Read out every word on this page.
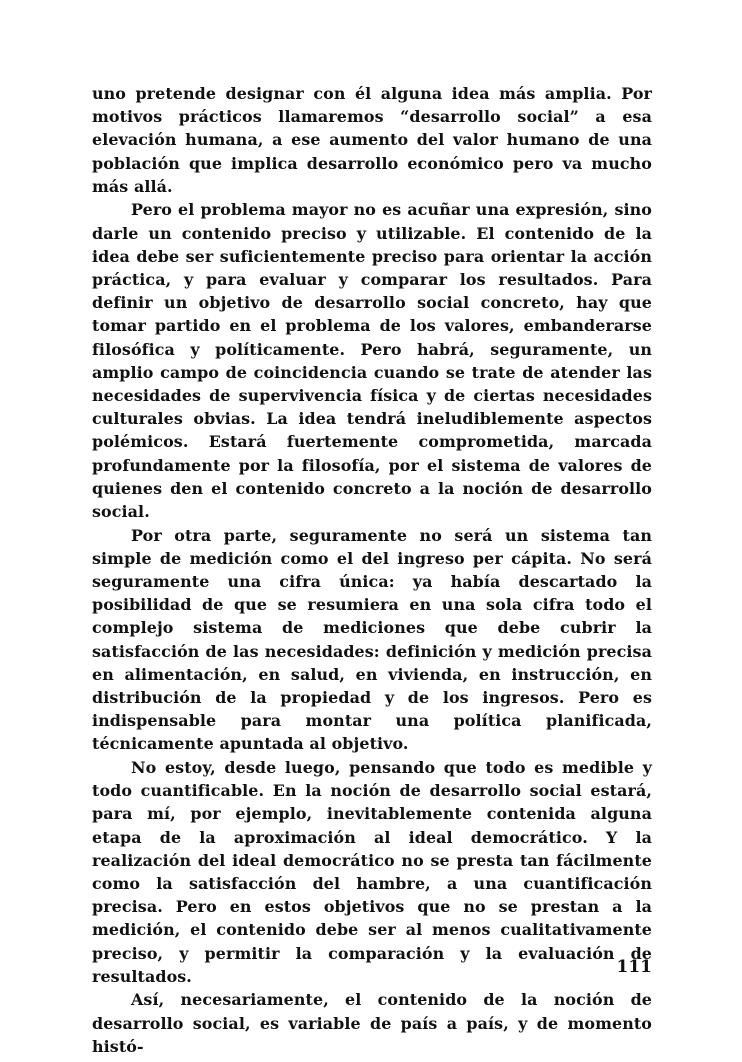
uno pretende designar con él alguna idea más amplia. Por motivos prácticos llamaremos “desarrollo social” a esa elevación humana, a ese aumento del valor humano de una población que implica desarrollo económico pero va mucho más allá.

Pero el problema mayor no es acuñar una expresión, sino darle un contenido preciso y utilizable. El contenido de la idea debe ser suficientemente preciso para orientar la acción práctica, y para evaluar y comparar los resultados. Para definir un objetivo de desarrollo social concreto, hay que tomar partido en el problema de los valores, embanderarse filosófica y políticamente. Pero habrá, seguramente, un amplio campo de coincidencia cuando se trate de atender las necesidades de supervivencia física y de ciertas necesidades culturales obvias. La idea tendrá ineludiblemente aspectos polémicos. Estará fuertemente comprometida, marcada profundamente por la filosofía, por el sistema de valores de quienes den el contenido concreto a la noción de desarrollo social.

Por otra parte, seguramente no será un sistema tan simple de medición como el del ingreso per cápita. No será seguramente una cifra única: ya había descartado la posibilidad de que se resumiera en una sola cifra todo el complejo sistema de mediciones que debe cubrir la satisfacción de las necesidades: definición y medición precisa en alimentación, en salud, en vivienda, en instrucción, en distribución de la propiedad y de los ingresos. Pero es indispensable para montar una política planificada, técnicamente apuntada al objetivo.

No estoy, desde luego, pensando que todo es medible y todo cuantificable. En la noción de desarrollo social estará, para mí, por ejemplo, inevitablemente contenida alguna etapa de la aproximación al ideal democrático. Y la realización del ideal democrático no se presta tan fácilmente como la satisfacción del hambre, a una cuantificación precisa. Pero en estos objetivos que no se prestan a la medición, el contenido debe ser al menos cualitativamente preciso, y permitir la comparación y la evaluación de resultados.

Así, necesariamente, el contenido de la noción de desarrollo social, es variable de país a país, y de momento histó-

111
